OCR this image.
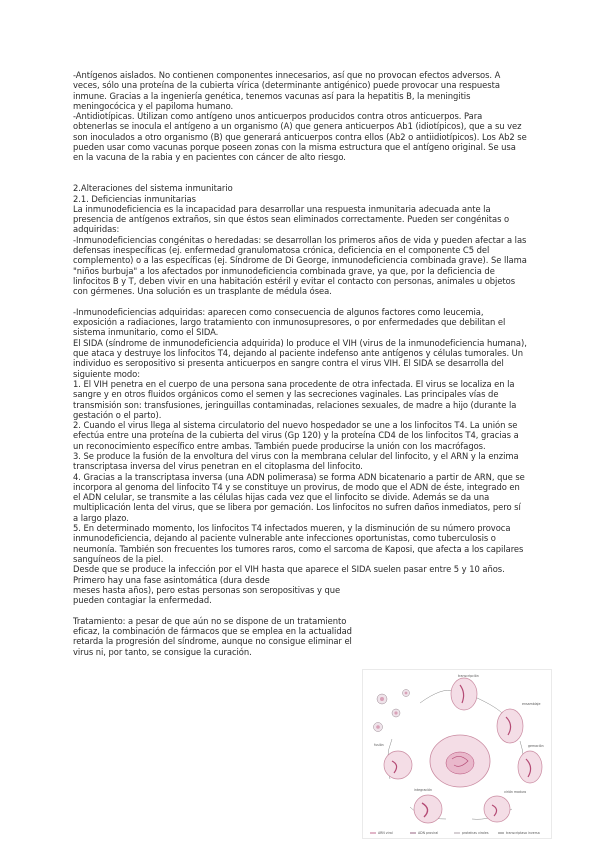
-Antígenos aislados. No contienen componentes innecesarios, así que no provocan efectos adversos. A veces, sólo una proteína de la cubierta vírica (determinante antigénico) puede provocar una respuesta inmune. Gracias a la ingeniería genética, tenemos vacunas así para la hepatitis B, la meningitis meningocócica y el papiloma humano.

-Antidiotípicas. Utilizan como antígeno unos anticuerpos producidos contra otros anticuerpos. Para obtenerlas se inocula el antígeno a un organismo (A) que genera anticuerpos Ab1 (idiotípicos), que a su vez son inoculados a otro organismo (B) que generará anticuerpos contra ellos (Ab2 o antiidiotípicos). Los Ab2 se pueden usar como vacunas porque poseen zonas con la misma estructura que el antígeno original. Se usa en la vacuna de la rabia y en pacientes con cáncer de alto riesgo.

2.Alteraciones del sistema inmunitario

2.1. Deficiencias inmunitarias

La inmunodeficiencia es la incapacidad para desarrollar una respuesta inmunitaria adecuada ante la presencia de antígenos extraños, sin que éstos sean eliminados correctamente. Pueden ser congénitas o adquiridas:

-Inmunodeficiencias congénitas o heredadas: se desarrollan los primeros años de vida y pueden afectar a las defensas inespecíficas (ej. enfermedad granulomatosa crónica, deficiencia en el componente C5 del complemento) o a las específicas (ej. Síndrome de Di George, inmunodeficiencia combinada grave). Se llama "niños burbuja" a los afectados por inmunodeficiencia combinada grave, ya que, por la deficiencia de linfocitos B y T, deben vivir en una habitación estéril y evitar el contacto con personas, animales u objetos con gérmenes. Una solución es un trasplante de médula ósea.

-Inmunodeficiencias adquiridas: aparecen como consecuencia de algunos factores como leucemia, exposición a radiaciones, largo tratamiento con inmunosupresores, o por enfermedades que debilitan el sistema inmunitario, como el SIDA.

El SIDA (síndrome de inmunodeficiencia adquirida) lo produce el VIH (virus de la inmunodeficiencia humana), que ataca y destruye los linfocitos T4, dejando al paciente indefenso ante antígenos y células tumorales. Un individuo es seropositivo si presenta anticuerpos en sangre contra el virus VIH. El SIDA se desarrolla del siguiente modo:

1. El VIH penetra en el cuerpo de una persona sana procedente de otra infectada. El virus se localiza en la sangre y en otros fluidos orgánicos como el semen y las secreciones vaginales. Las principales vías de transmisión son: transfusiones, jeringuillas contaminadas, relaciones sexuales, de madre a hijo (durante la gestación o el parto).

2. Cuando el virus llega al sistema circulatorio del nuevo hospedador se une a los linfocitos T4. La unión se efectúa entre una proteína de la cubierta del virus (Gp 120) y la proteína CD4 de los linfocitos T4, gracias a un reconocimiento específico entre ambas. También puede producirse la unión con los macrófagos.

3. Se produce la fusión de la envoltura del virus con la membrana celular del linfocito, y el ARN y la enzima transcriptasa inversa del virus penetran en el citoplasma del linfocito.

4. Gracias a la transcriptasa inversa (una ADN polimerasa) se forma ADN bicatenario a partir de ARN, que se incorpora al genoma del linfocito T4 y se constituye un provirus, de modo que el ADN de éste, integrado en el ADN celular, se transmite a las células hijas cada vez que el linfocito se divide. Además se da una multiplicación lenta del virus, que se libera por gemación. Los linfocitos no sufren daños inmediatos, pero sí a largo plazo.

5. En determinado momento, los linfocitos T4 infectados mueren, y la disminución de su número provoca inmunodeficiencia, dejando al paciente vulnerable ante infecciones oportunistas, como tuberculosis o neumonía. También son frecuentes los tumores raros, como el sarcoma de Kaposi, que afecta a los capilares sanguíneos de la piel.

Desde que se produce la infección por el VIH hasta que aparece el SIDA suelen pasar entre 5 y 10 años. Primero hay una fase asintomática (dura desde

meses hasta años), pero estas personas son seropositivas y que pueden contagiar la enfermedad.

Tratamiento: a pesar de que aún no se dispone de un tratamiento eficaz, la combinación de fármacos que se emplea en la actualidad retarda la progresión del síndrome, aunque no consigue eliminar el virus ni, por tanto, se consigue la curación.

transcripción
ensamblaje
gemación
virión maduro
integración
fusión
ARN viral	ADN proviral	proteínas virales	transcriptasa inversa
